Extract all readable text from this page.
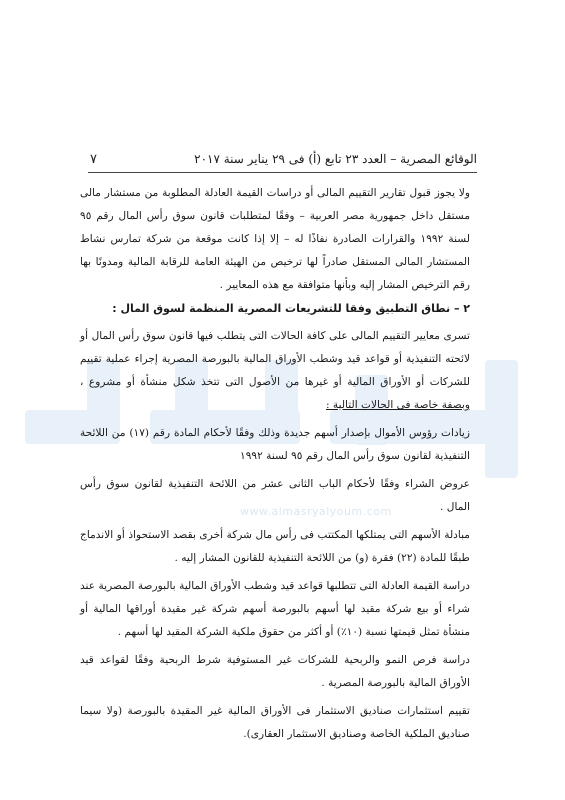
www.almasryalyoum.com
الوقائع المصرية – العدد ٢٣ تابع (أ) فى ٢٩ يناير سنة ٢٠١٧
٧

ولا يجوز قبول تقارير التقييم المالى أو دراسات القيمة العادلة المطلوبة من مستشار مالى مستقل داخل جمهورية مصر العربية – وفقًا لمتطلبات قانون سوق رأس المال رقم ٩٥ لسنة ١٩٩٢ والقرارات الصادرة نفاذًا له – إلا إذا كانت موقعة من شركة تمارس نشاط المستشار المالى المستقل صادراً لها ترخيص من الهيئة العامة للرقابة المالية ومدونًا بها رقم الترخيص المشار إليه وبأنها متوافقة مع هذه المعايير .

٢ – نطاق التطبيق وفقا للتشريعات المصرية المنظمة لسوق المال :

تسرى معايير التقييم المالى على كافة الحالات التى يتطلب فيها قانون سوق رأس المال أو لائحته التنفيذية أو قواعد قيد وشطب الأوراق المالية بالبورصة المصرية إجراء عملية تقييم للشركات أو الأوراق المالية أو غيرها من الأصول التى تتخذ شكل منشأة أو مشروع ، وبصفة خاصة فى الحالات التالية :

زيادات رؤوس الأموال بإصدار أسهم جديدة وذلك وفقًا لأحكام المادة رقم (١٧) من اللائحة التنفيذية لقانون سوق رأس المال رقم ٩٥ لسنة ١٩٩٢

عروض الشراء وفقًا لأحكام الباب الثانى عشر من اللائحة التنفيذية لقانون سوق رأس المال .

مبادلة الأسهم التى يمتلكها المكتتب فى رأس مال شركة أخرى بقصد الاستحواذ أو الاندماج طبقًا للمادة (٢٢) فقرة (و) من اللائحة التنفيذية للقانون المشار إليه .

دراسة القيمة العادلة التى تتطلبها قواعد قيد وشطب الأوراق المالية بالبورصة المصرية عند شراء أو بيع شركة مقيد لها أسهم بالبورصة أسهم شركة غير مقيدة أوراقها المالية أو منشأة تمثل قيمتها نسبة (١٠٪) أو أكثر من حقوق ملكية الشركة المقيد لها أسهم .

دراسة فرص النمو والربحية للشركات غير المستوفية شرط الربحية وفقًا لقواعد قيد الأوراق المالية بالبورصة المصرية .

تقييم استثمارات صناديق الاستثمار فى الأوراق المالية غير المقيدة بالبورصة (ولا سيما صناديق الملكية الخاصة وصناديق الاستثمار العقارى).
